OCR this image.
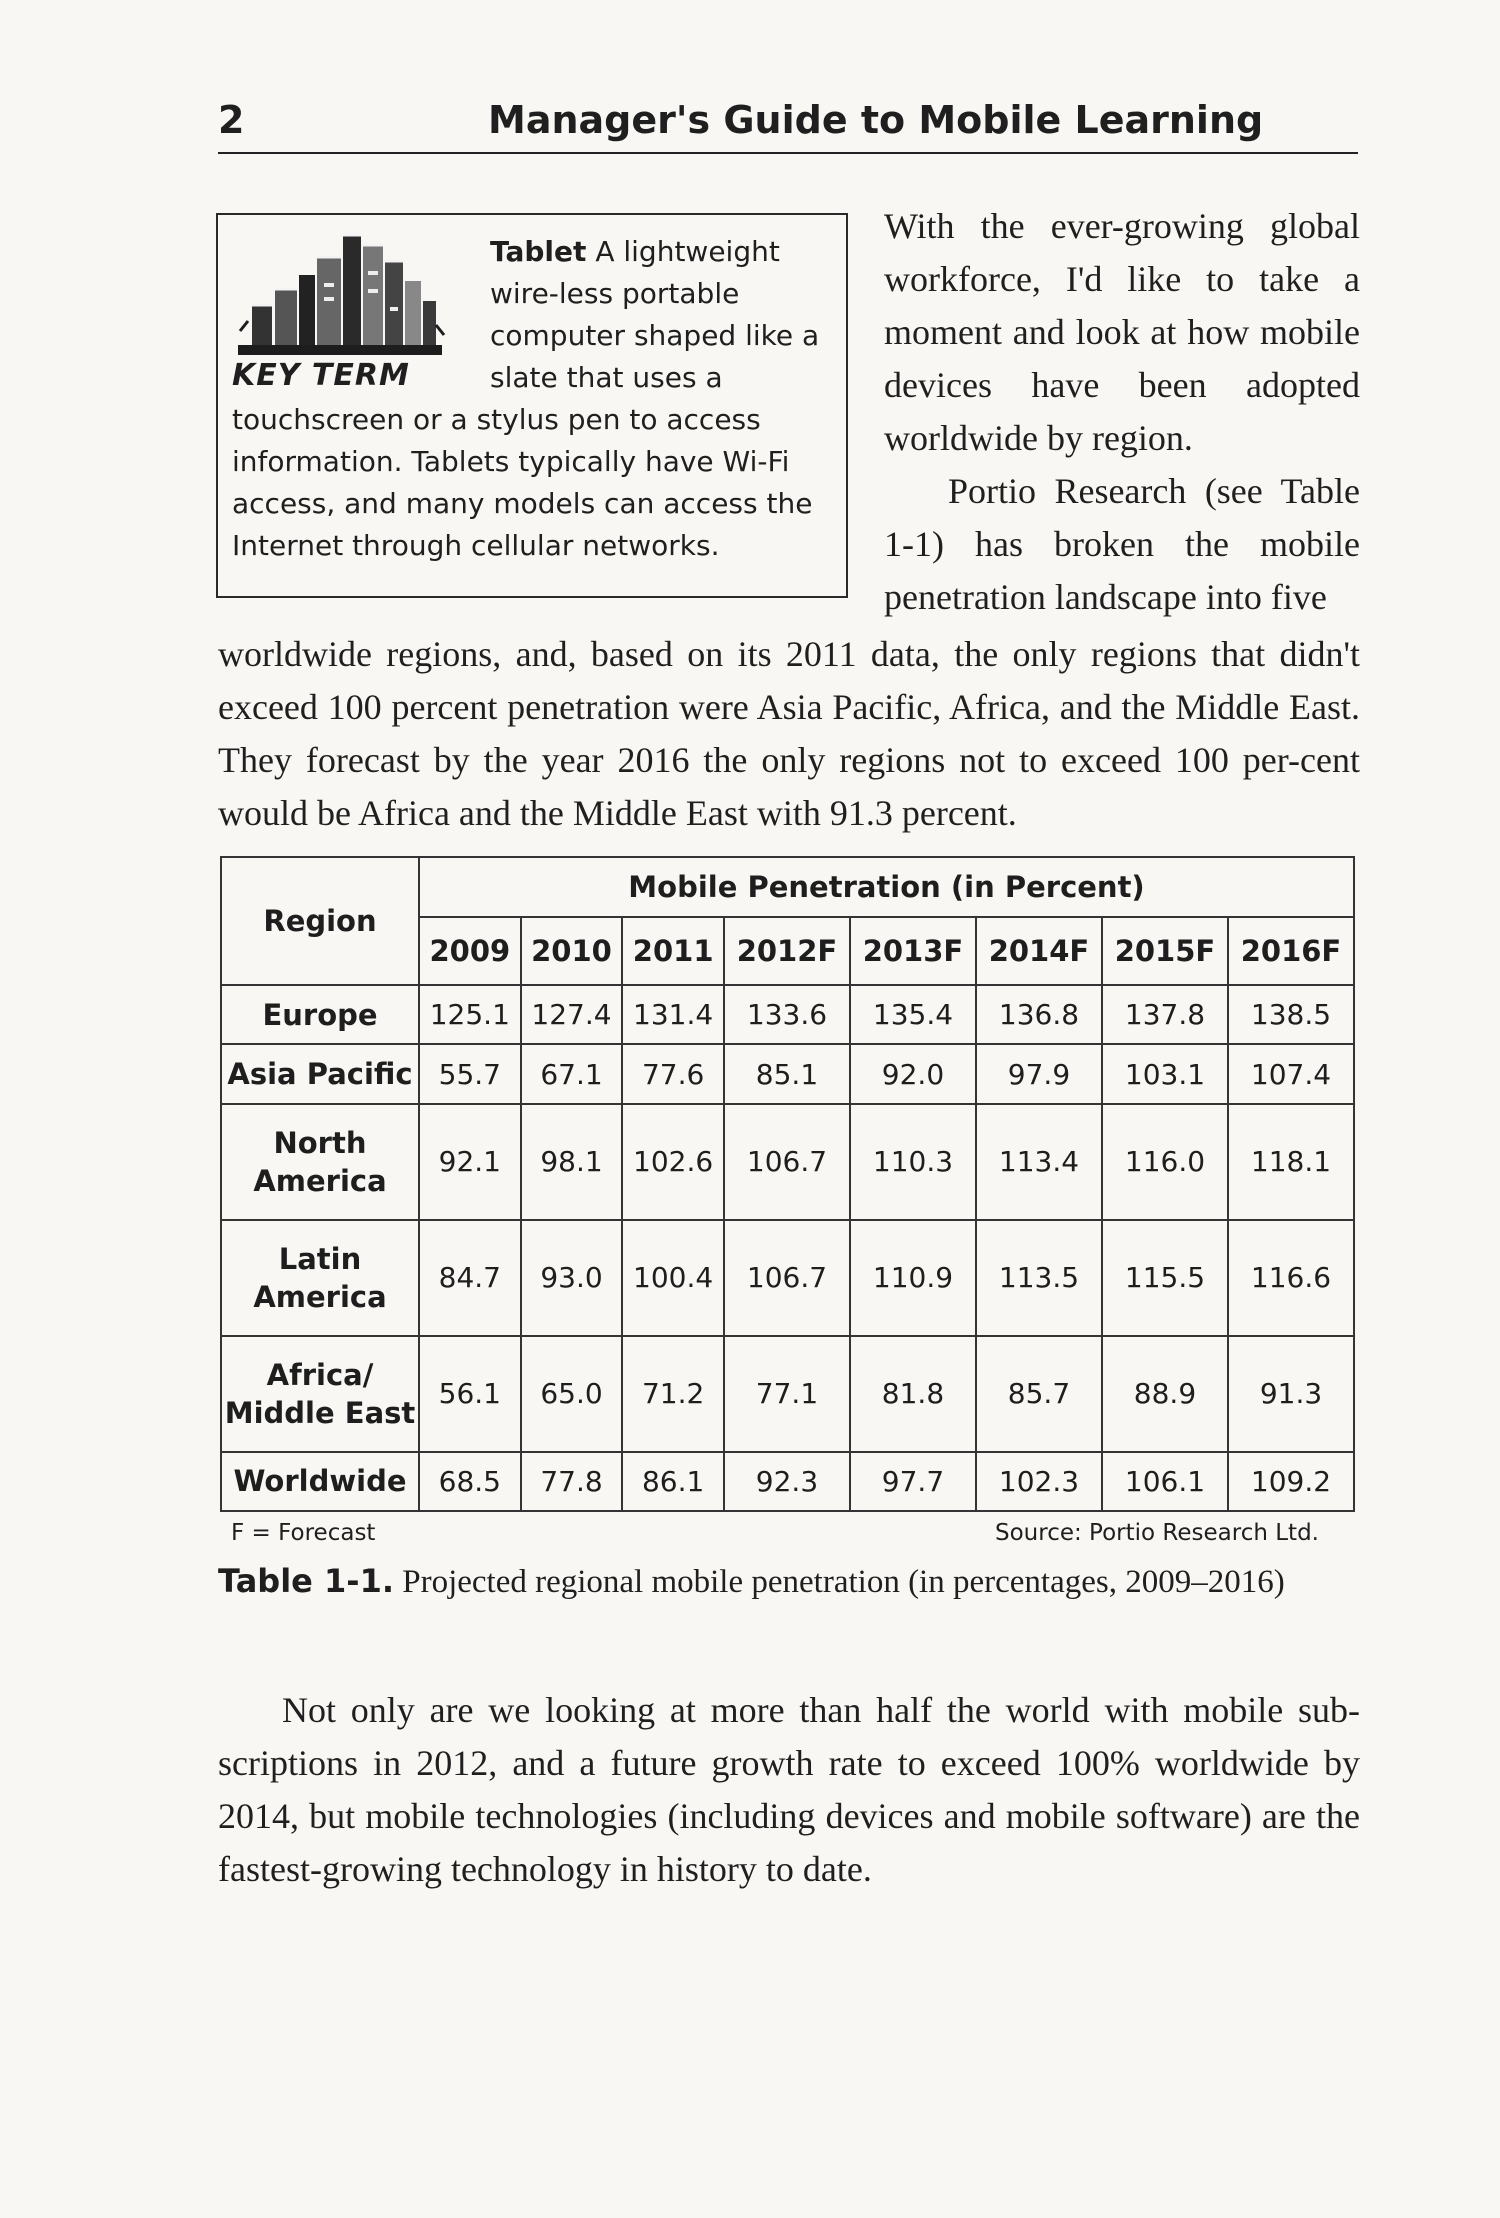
2	Manager's Guide to Mobile Learning
KEY TERM
Tablet A lightweight wire-less portable computer shaped like a slate that uses a touchscreen or a stylus pen to access information. Tablets typically have Wi-Fi access, and many models can access the Internet through cellular networks.
With the ever-growing global workforce, I'd like to take a moment and look at how mobile devices have been adopted worldwide by region.
Portio Research (see Table 1-1) has broken the mobile penetration landscape into five
worldwide regions, and, based on its 2011 data, the only regions that didn't exceed 100 percent penetration were Asia Pacific, Africa, and the Middle East. They forecast by the year 2016 the only regions not to exceed 100 per-cent would be Africa and the Middle East with 91.3 percent.
Region	Mobile Penetration (in Percent)							
	2009	2010	2011	2012F	2013F	2014F	2015F	2016F
Europe	125.1	127.4	131.4	133.6	135.4	136.8	137.8	138.5
Asia Pacific	55.7	67.1	77.6	85.1	92.0	97.9	103.1	107.4
North America	92.1	98.1	102.6	106.7	110.3	113.4	116.0	118.1
Latin America	84.7	93.0	100.4	106.7	110.9	113.5	115.5	116.6
Africa/ Middle East	56.1	65.0	71.2	77.1	81.8	85.7	88.9	91.3
Worldwide	68.5	77.8	86.1	92.3	97.7	102.3	106.1	109.2
F = Forecast	Source: Portio Research Ltd.
Table 1-1. Projected regional mobile penetration (in percentages, 2009–2016)
Not only are we looking at more than half the world with mobile sub-scriptions in 2012, and a future growth rate to exceed 100% worldwide by 2014, but mobile technologies (including devices and mobile software) are the fastest-growing technology in history to date.
